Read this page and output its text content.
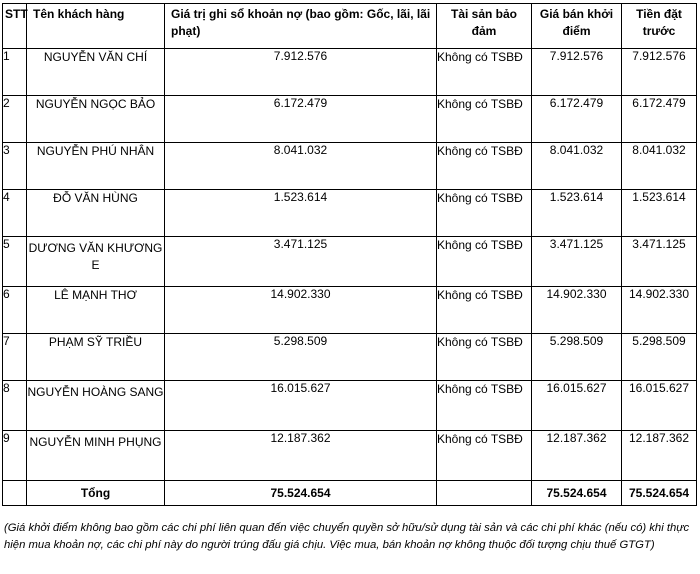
STT	Tên khách hàng	Giá trị ghi sổ khoản nợ (bao gồm: Gốc, lãi, lãi phạt)	Tài sản bảo đảm	Giá bán khởi điểm	Tiền đặt trước
1	NGUYỄN VĂN CHÍ	7.912.576	Không có TSBĐ	7.912.576	7.912.576
2	NGUYỄN NGỌC BẢO	6.172.479	Không có TSBĐ	6.172.479	6.172.479
3	NGUYỄN PHÚ NHÂN	8.041.032	Không có TSBĐ	8.041.032	8.041.032
4	ĐỖ VĂN HÙNG	1.523.614	Không có TSBĐ	1.523.614	1.523.614
5	DƯƠNG VĂN KHƯƠNG E	3.471.125	Không có TSBĐ	3.471.125	3.471.125
6	LÊ MẠNH THƠ	14.902.330	Không có TSBĐ	14.902.330	14.902.330
7	PHẠM SỸ TRIỀU	5.298.509	Không có TSBĐ	5.298.509	5.298.509
8	NGUYỄN HOÀNG SANG	16.015.627	Không có TSBĐ	16.015.627	16.015.627
9	NGUYỄN MINH PHỤNG	12.187.362	Không có TSBĐ	12.187.362	12.187.362
	Tổng	75.524.654		75.524.654	75.524.654
(Giá khởi điểm không bao gồm các chi phí liên quan đến việc chuyển quyền sở hữu/sử dụng tài sản và các chi phí khác (nếu có) khi thực hiện mua khoản nợ, các chi phí này do người trúng đấu giá chịu. Việc mua, bán khoản nợ không thuộc đối tượng chịu thuế GTGT)
